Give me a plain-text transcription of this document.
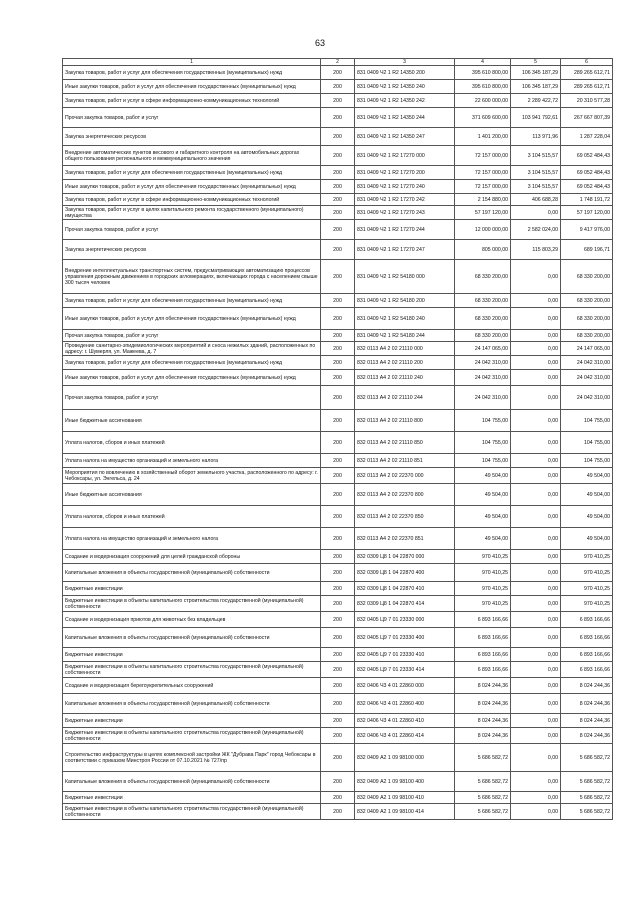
63
1	2	3	4	5	6
Закупка товаров, работ и услуг для обеспечения государственных (муниципальных) нужд	200	831 0409 Ч2 1 R2 14350 200	395 610 800,00	106 345 187,29	289 265 612,71
Иные закупки товаров, работ и услуг для обеспечения государственных (муниципальных) нужд	200	831 0409 Ч2 1 R2 14350 240	395 610 800,00	106 345 187,29	289 265 612,71
Закупка товаров, работ и услуг в сфере информационно-коммуникационных технологий	200	831 0409 Ч2 1 R2 14350 242	22 600 000,00	2 289 422,72	20 310 577,28
Прочая закупка товаров, работ и услуг	200	831 0409 Ч2 1 R2 14350 244	371 609 600,00	103 941 792,61	267 667 807,39
Закупка энергетических ресурсов	200	831 0409 Ч2 1 R2 14350 247	1 401 200,00	113 971,96	1 287 228,04
Внедрение автоматических пунктов весового и габаритного контроля на автомобильных дорогах общего пользования регионального и межмуниципального значения	200	831 0409 Ч2 1 R2 17270 000	72 157 000,00	3 104 515,57	69 052 484,43
Закупка товаров, работ и услуг для обеспечения государственных (муниципальных) нужд	200	831 0409 Ч2 1 R2 17270 200	72 157 000,00	3 104 515,57	69 052 484,43
Иные закупки товаров, работ и услуг для обеспечения государственных (муниципальных) нужд	200	831 0409 Ч2 1 R2 17270 240	72 157 000,00	3 104 515,57	69 052 484,43
Закупка товаров, работ и услуг в сфере информационно-коммуникационных технологий	200	831 0409 Ч2 1 R2 17270 242	2 154 880,00	406 688,28	1 748 191,72
Закупка товаров, работ и услуг в целях капитального ремонта государственного (муниципального) имущества	200	831 0409 Ч2 1 R2 17270 243	57 197 120,00	0,00	57 197 120,00
Прочая закупка товаров, работ и услуг	200	831 0409 Ч2 1 R2 17270 244	12 000 000,00	2 582 024,00	9 417 976,00
Закупка энергетических ресурсов	200	831 0409 Ч2 1 R2 17270 247	805 000,00	115 803,29	689 196,71
Внедрение интеллектуальных транспортных систем, предусматривающих автоматизацию процессов управления дорожным движением в городских агломерациях, включающих города с населением свыше 300 тысяч человек	200	831 0409 Ч2 1 R2 54180 000	68 330 200,00	0,00	68 330 200,00
Закупка товаров, работ и услуг для обеспечения государственных (муниципальных) нужд	200	831 0409 Ч2 1 R2 54180 200	68 330 200,00	0,00	68 330 200,00
Иные закупки товаров, работ и услуг для обеспечения государственных (муниципальных) нужд	200	831 0409 Ч2 1 R2 54180 240	68 330 200,00	0,00	68 330 200,00
Прочая закупка товаров, работ и услуг	200	831 0409 Ч2 1 R2 54180 244	68 330 200,00	0,00	68 330 200,00
Проведение санитарно-эпидемиологических мероприятий и сноса нежилых зданий, расположенных по адресу: г. Шумерля, ул. Мажеева, д. 7	200	832 0113 А4 2 02 21110 000	24 147 065,00	0,00	24 147 065,00
Закупка товаров, работ и услуг для обеспечения государственных (муниципальных) нужд	200	832 0113 А4 2 02 21110 200	24 042 310,00	0,00	24 042 310,00
Иные закупки товаров, работ и услуг для обеспечения государственных (муниципальных) нужд	200	832 0113 А4 2 02 21110 240	24 042 310,00	0,00	24 042 310,00
Прочая закупка товаров, работ и услуг	200	832 0113 А4 2 02 21110 244	24 042 310,00	0,00	24 042 310,00
Иные бюджетные ассигнования	200	832 0113 А4 2 02 21110 800	104 755,00	0,00	104 755,00
Уплата налогов, сборов и иных платежей	200	832 0113 А4 2 02 21110 850	104 755,00	0,00	104 755,00
Уплата налога на имущество организаций и земельного налога	200	832 0113 А4 2 02 21110 851	104 755,00	0,00	104 755,00
Мероприятия по вовлечению в хозяйственный оборот земельного участка, расположенного по адресу: г. Чебоксары, ул. Энгельса, д. 24	200	832 0113 А4 2 02 22370 000	49 504,00	0,00	49 504,00
Иные бюджетные ассигнования	200	832 0113 А4 2 02 22370 800	49 504,00	0,00	49 504,00
Уплата налогов, сборов и иных платежей	200	832 0113 А4 2 02 22370 850	49 504,00	0,00	49 504,00
Уплата налога на имущество организаций и земельного налога	200	832 0113 А4 2 02 22370 851	49 504,00	0,00	49 504,00
Создание и модернизация сооружений для целей гражданской обороны	200	832 0309 Ц8 1 04 22870 000	970 410,25	0,00	970 410,25
Капитальные вложения в объекты государственной (муниципальной) собственности	200	832 0309 Ц8 1 04 22870 400	970 410,25	0,00	970 410,25
Бюджетные инвестиции	200	832 0309 Ц8 1 04 22870 410	970 410,25	0,00	970 410,25
Бюджетные инвестиции в объекты капитального строительства государственной (муниципальной) собственности	200	832 0309 Ц8 1 04 22870 414	970 410,25	0,00	970 410,25
Создание и модернизация приютов для животных без владельцев	200	832 0405 Ц9 7 01 23330 000	6 893 166,66	0,00	6 893 166,66
Капитальные вложения в объекты государственной (муниципальной) собственности	200	832 0405 Ц9 7 01 23330 400	6 893 166,66	0,00	6 893 166,66
Бюджетные инвестиции	200	832 0405 Ц9 7 01 23330 410	6 893 166,66	0,00	6 893 166,66
Бюджетные инвестиции в объекты капитального строительства государственной (муниципальной) собственности	200	832 0405 Ц9 7 01 23330 414	6 893 166,66	0,00	6 893 166,66
Создание и модернизация берегоукрепительных сооружений	200	832 0406 Ч3 4 01 22860 000	8 024 244,36	0,00	8 024 244,36
Капитальные вложения в объекты государственной (муниципальной) собственности	200	832 0406 Ч3 4 01 22860 400	8 024 244,36	0,00	8 024 244,36
Бюджетные инвестиции	200	832 0406 Ч3 4 01 22860 410	8 024 244,36	0,00	8 024 244,36
Бюджетные инвестиции в объекты капитального строительства государственной (муниципальной) собственности	200	832 0406 Ч3 4 01 22860 414	8 024 244,36	0,00	8 024 244,36
Строительство инфраструктуры в целях комплексной застройки ЖК "Дубрава Парк" город Чебоксары в соответствии с приказом Минстроя России от 07.10.2021 № 727/пр	200	832 0409 А2 1 09 98100 000	5 686 582,72	0,00	5 686 582,72
Капитальные вложения в объекты государственной (муниципальной) собственности	200	832 0409 А2 1 09 98100 400	5 686 582,72	0,00	5 686 582,72
Бюджетные инвестиции	200	832 0409 А2 1 09 98100 410	5 686 582,72	0,00	5 686 582,72
Бюджетные инвестиции в объекты капитального строительства государственной (муниципальной) собственности	200	832 0409 А2 1 09 98100 414	5 686 582,72	0,00	5 686 582,72
